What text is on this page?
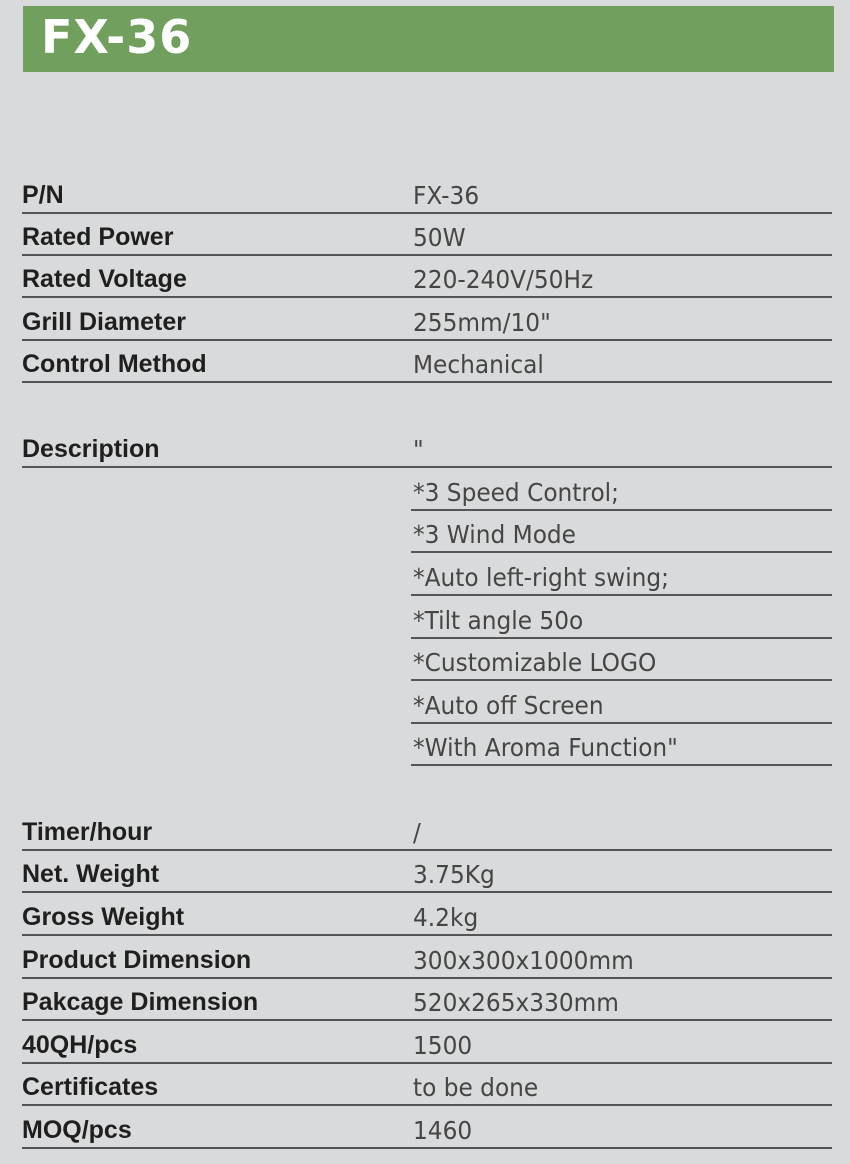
FX-36
P/N	FX-36
Rated Power	50W
Rated Voltage	220-240V/50Hz
Grill Diameter	255mm/10"
Control Method	Mechanical
Description	"
*3 Speed Control;
*3 Wind Mode
*Auto left-right swing;
*Tilt angle 50o
*Customizable LOGO
*Auto off Screen
*With Aroma Function"
Timer/hour	/
Net. Weight	3.75Kg
Gross Weight	4.2kg
Product Dimension	300x300x1000mm
Pakcage Dimension	520x265x330mm
40QH/pcs	1500
Certificates	to be done
MOQ/pcs	1460
